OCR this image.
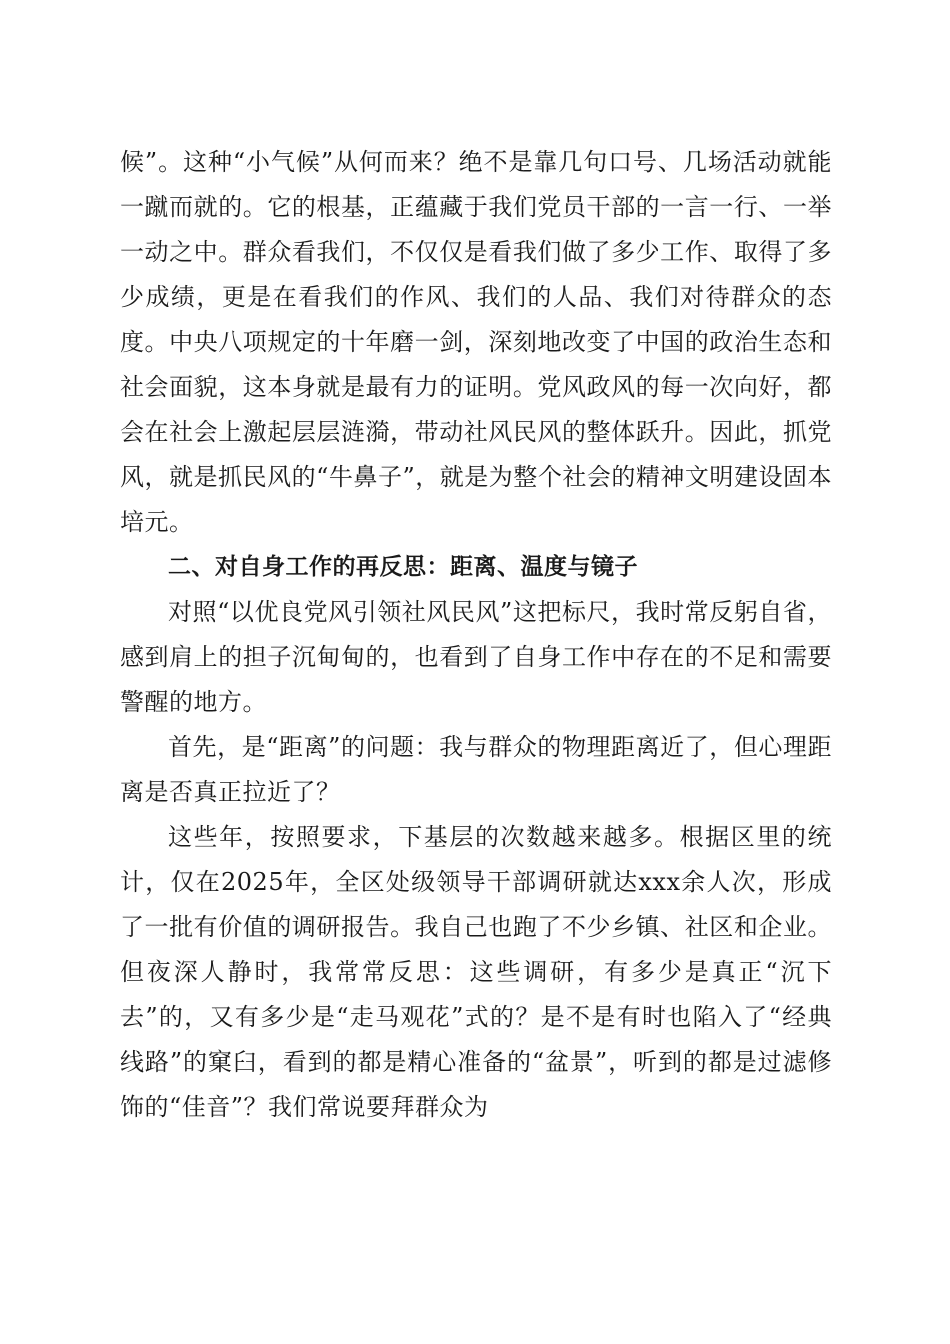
候”。这种“小气候”从何而来？绝不是靠几句口号、几场活动就能一蹴而就的。它的根基，正蕴藏于我们党员干部的一言一行、一举一动之中。群众看我们，不仅仅是看我们做了多少工作、取得了多少成绩，更是在看我们的作风、我们的人品、我们对待群众的态度。中央八项规定的十年磨一剑，深刻地改变了中国的政治生态和社会面貌，这本身就是最有力的证明。党风政风的每一次向好，都会在社会上激起层层涟漪，带动社风民风的整体跃升。因此，抓党风，就是抓民风的“牛鼻子”，就是为整个社会的精神文明建设固本培元。

二、对自身工作的再反思：距离、温度与镜子

对照“以优良党风引领社风民风”这把标尺，我时常反躬自省，感到肩上的担子沉甸甸的，也看到了自身工作中存在的不足和需要警醒的地方。

首先，是“距离”的问题：我与群众的物理距离近了，但心理距离是否真正拉近了？

这些年，按照要求，下基层的次数越来越多。根据区里的统计，仅在2025年，全区处级领导干部调研就达xxx余人次，形成了一批有价值的调研报告。我自己也跑了不少乡镇、社区和企业。但夜深人静时，我常常反思：这些调研，有多少是真正“沉下去”的，又有多少是“走马观花”式的？是不是有时也陷入了“经典线路”的窠臼，看到的都是精心准备的“盆景”，听到的都是过滤修饰的“佳音”？我们常说要拜群众为
